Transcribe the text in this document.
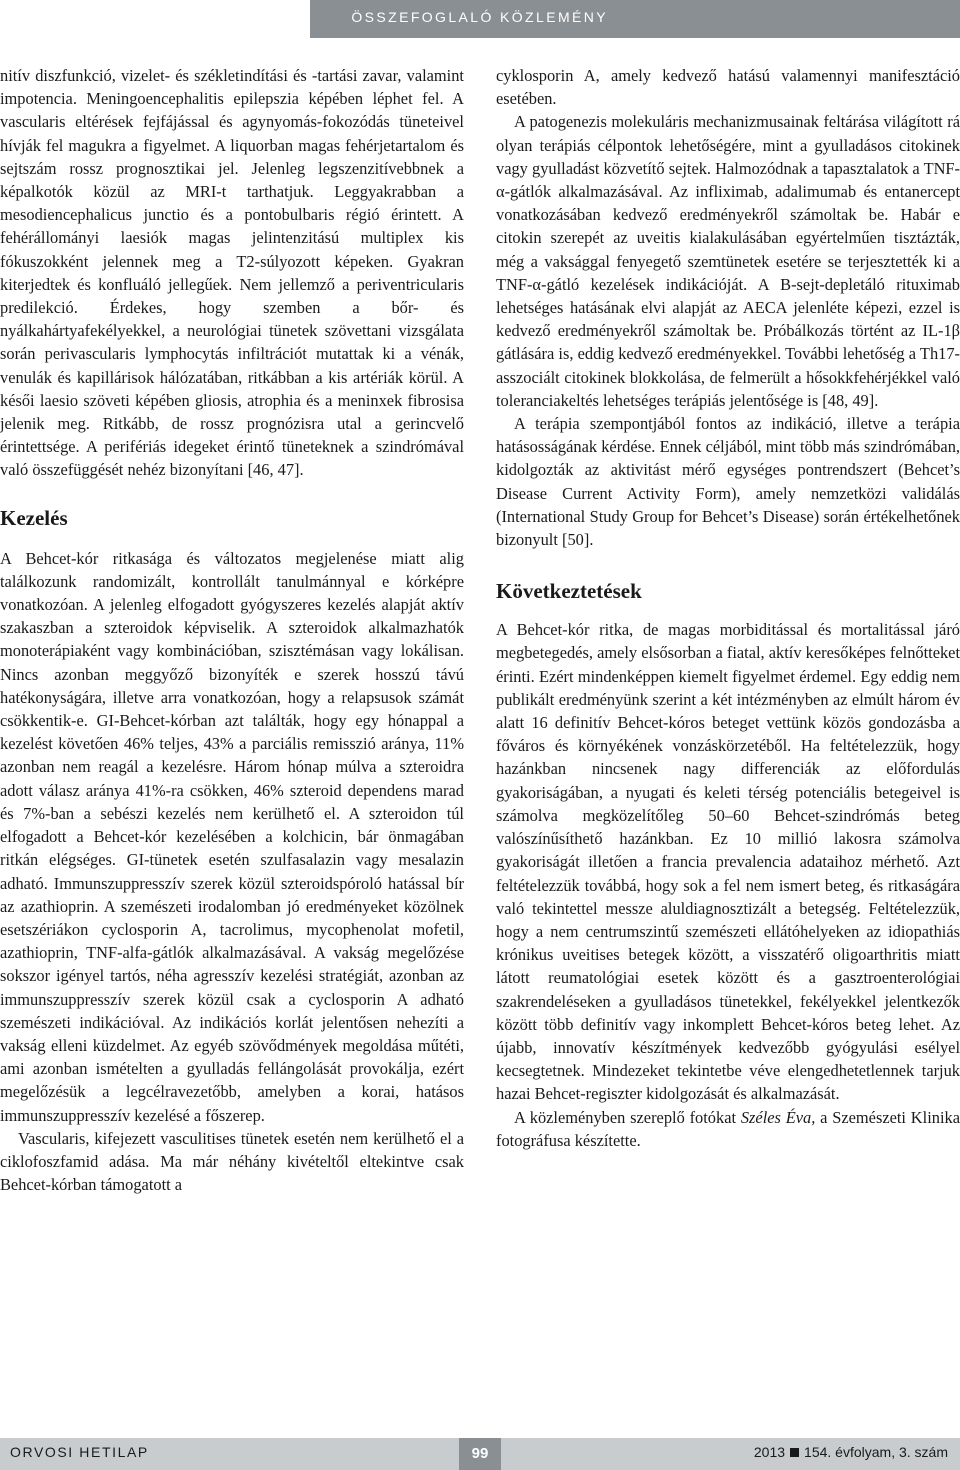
ÖSSZEFOGLALÓ KÖZLEMÉNY

nitív diszfunkció, vizelet- és székletindítási és -tartási zavar, valamint impotencia. Meningoencephalitis epilepszia képében léphet fel. A vascularis eltérések fejfájással és agynyomás-fokozódás tüneteivel hívják fel magukra a figyelmet. A liquorban magas fehérjetartalom és sejtszám rossz prognosztikai jel. Jelenleg legszenzitívebbnek a képalkotók közül az MRI-t tarthatjuk. Leggyakrabban a mesodiencephalicus junctio és a pontobulbaris régió érintett. A fehérállományi laesiók magas jelintenzitású multiplex kis fókuszokként jelennek meg a T2-súlyozott képeken. Gyakran kiterjedtek és konfluáló jellegűek. Nem jellemző a periventricularis predilekció. Érdekes, hogy szemben a bőr- és nyálkahártyafekélyekkel, a neurológiai tünetek szövettani vizsgálata során perivascularis lymphocytás infiltrációt mutattak ki a vénák, venulák és kapillárisok hálózatában, ritkábban a kis artériák körül. A késői laesio szöveti képében gliosis, atrophia és a meninxek fibrosisa jelenik meg. Ritkább, de rossz prognózisra utal a gerincvelő érintettsége. A perifériás idegeket érintő tüneteknek a szindrómával való összefüggését nehéz bizonyítani [46, 47].

Kezelés

A Behcet-kór ritkasága és változatos megjelenése miatt alig találkozunk randomizált, kontrollált tanulmánnyal e kórképre vonatkozóan. A jelenleg elfogadott gyógyszeres kezelés alapját aktív szakaszban a szteroidok képviselik. A szteroidok alkalmazhatók monoterápiaként vagy kombinációban, szisztémásan vagy lokálisan. Nincs azonban meggyőző bizonyíték e szerek hosszú távú hatékonyságára, illetve arra vonatkozóan, hogy a relapsusok számát csökkentik-e. GI-Behcet-kórban azt találták, hogy egy hónappal a kezelést követően 46% teljes, 43% a parciális remisszió aránya, 11% azonban nem reagál a kezelésre. Három hónap múlva a szteroidra adott válasz aránya 41%-ra csökken, 46% szteroid dependens marad és 7%-ban a sebészi kezelés nem kerülhető el. A szteroidon túl elfogadott a Behcet-kór kezelésében a kolchicin, bár önmagában ritkán elégséges. GI-tünetek esetén szulfasalazin vagy mesalazin adható. Immunszuppresszív szerek közül szteroidspóroló hatással bír az azathioprin. A szemészeti irodalomban jó eredményeket közölnek esetszériákon cyclosporin A, tacrolimus, mycophenolat mofetil, azathioprin, TNF-alfa-gátlók alkalmazásával. A vakság megelőzése sokszor igényel tartós, néha agresszív kezelési stratégiát, azonban az immunszuppresszív szerek közül csak a cyclosporin A adható szemészeti indikációval. Az indikációs korlát jelentősen nehezíti a vakság elleni küzdelmet. Az egyéb szövődmények megoldása műtéti, ami azonban ismételten a gyulladás fellángolását provokálja, ezért megelőzésük a legcélravezetőbb, amelyben a korai, hatásos immunszuppresszív kezelésé a főszerep.

Vascularis, kifejezett vasculitises tünetek esetén nem kerülhető el a ciklofoszfamid adása. Ma már néhány kivételtől eltekintve csak Behcet-kórban támogatott a

cyklosporin A, amely kedvező hatású valamennyi manifesztáció esetében.

A patogenezis molekuláris mechanizmusainak feltárása világított rá olyan terápiás célpontok lehetőségére, mint a gyulladásos citokinek vagy gyulladást közvetítő sejtek. Halmozódnak a tapasztalatok a TNF-α-gátlók alkalmazásával. Az infliximab, adalimumab és entanercept vonatkozásában kedvező eredményekről számoltak be. Habár e citokin szerepét az uveitis kialakulásában egyértelműen tisztázták, még a vaksággal fenyegető szemtünetek esetére se terjesztették ki a TNF-α-gátló kezelések indikációját. A B-sejt-depletáló rituximab lehetséges hatásának elvi alapját az AECA jelenléte képezi, ezzel is kedvező eredményekről számoltak be. Próbálkozás történt az IL-1β gátlására is, eddig kedvező eredményekkel. További lehetőség a Th17-asszociált citokinek blokkolása, de felmerült a hősokkfehérjékkel való toleranciakeltés lehetséges terápiás jelentősége is [48, 49].

A terápia szempontjából fontos az indikáció, illetve a terápia hatásosságának kérdése. Ennek céljából, mint több más szindrómában, kidolgozták az aktivitást mérő egységes pontrendszert (Behcet’s Disease Current Activity Form), amely nemzetközi validálás (International Study Group for Behcet’s Disease) során értékelhetőnek bizonyult [50].

Következtetések

A Behcet-kór ritka, de magas morbiditással és mortalitással járó megbetegedés, amely elsősorban a fiatal, aktív keresőképes felnőtteket érinti. Ezért mindenképpen kiemelt figyelmet érdemel. Egy eddig nem publikált eredményünk szerint a két intézményben az elmúlt három év alatt 16 definitív Behcet-kóros beteget vettünk közös gondozásba a főváros és környékének vonzáskörzetéből. Ha feltételezzük, hogy hazánkban nincsenek nagy differenciák az előfordulás gyakoriságában, a nyugati és keleti térség potenciális betegeivel is számolva megközelítőleg 50–60 Behcet-szindrómás beteg valószínűsíthető hazánkban. Ez 10 millió lakosra számolva gyakoriságát illetően a francia prevalencia adataihoz mérhető. Azt feltételezzük továbbá, hogy sok a fel nem ismert beteg, és ritkaságára való tekintettel messze aluldiagnosztizált a betegség. Feltételezzük, hogy a nem centrumszintű szemészeti ellátóhelyeken az idiopathiás krónikus uveitises betegek között, a visszatérő oligoarthritis miatt látott reumatológiai esetek között és a gasztroenterológiai szakrendeléseken a gyulladásos tünetekkel, fekélyekkel jelentkezők között több definitív vagy inkomplett Behcet-kóros beteg lehet. Az újabb, innovatív készítmények kedvezőbb gyógyulási esélyel kecsegtetnek. Mindezeket tekintetbe véve elengedhetetlennek tarjuk hazai Behcet-regiszter kidolgozását és alkalmazását.

A közleményben szereplő fotókat Széles Éva, a Szemészeti Klinika fotográfusa készítette.

ORVOSI HETILAP	99	2013 154. évfolyam, 3. szám
